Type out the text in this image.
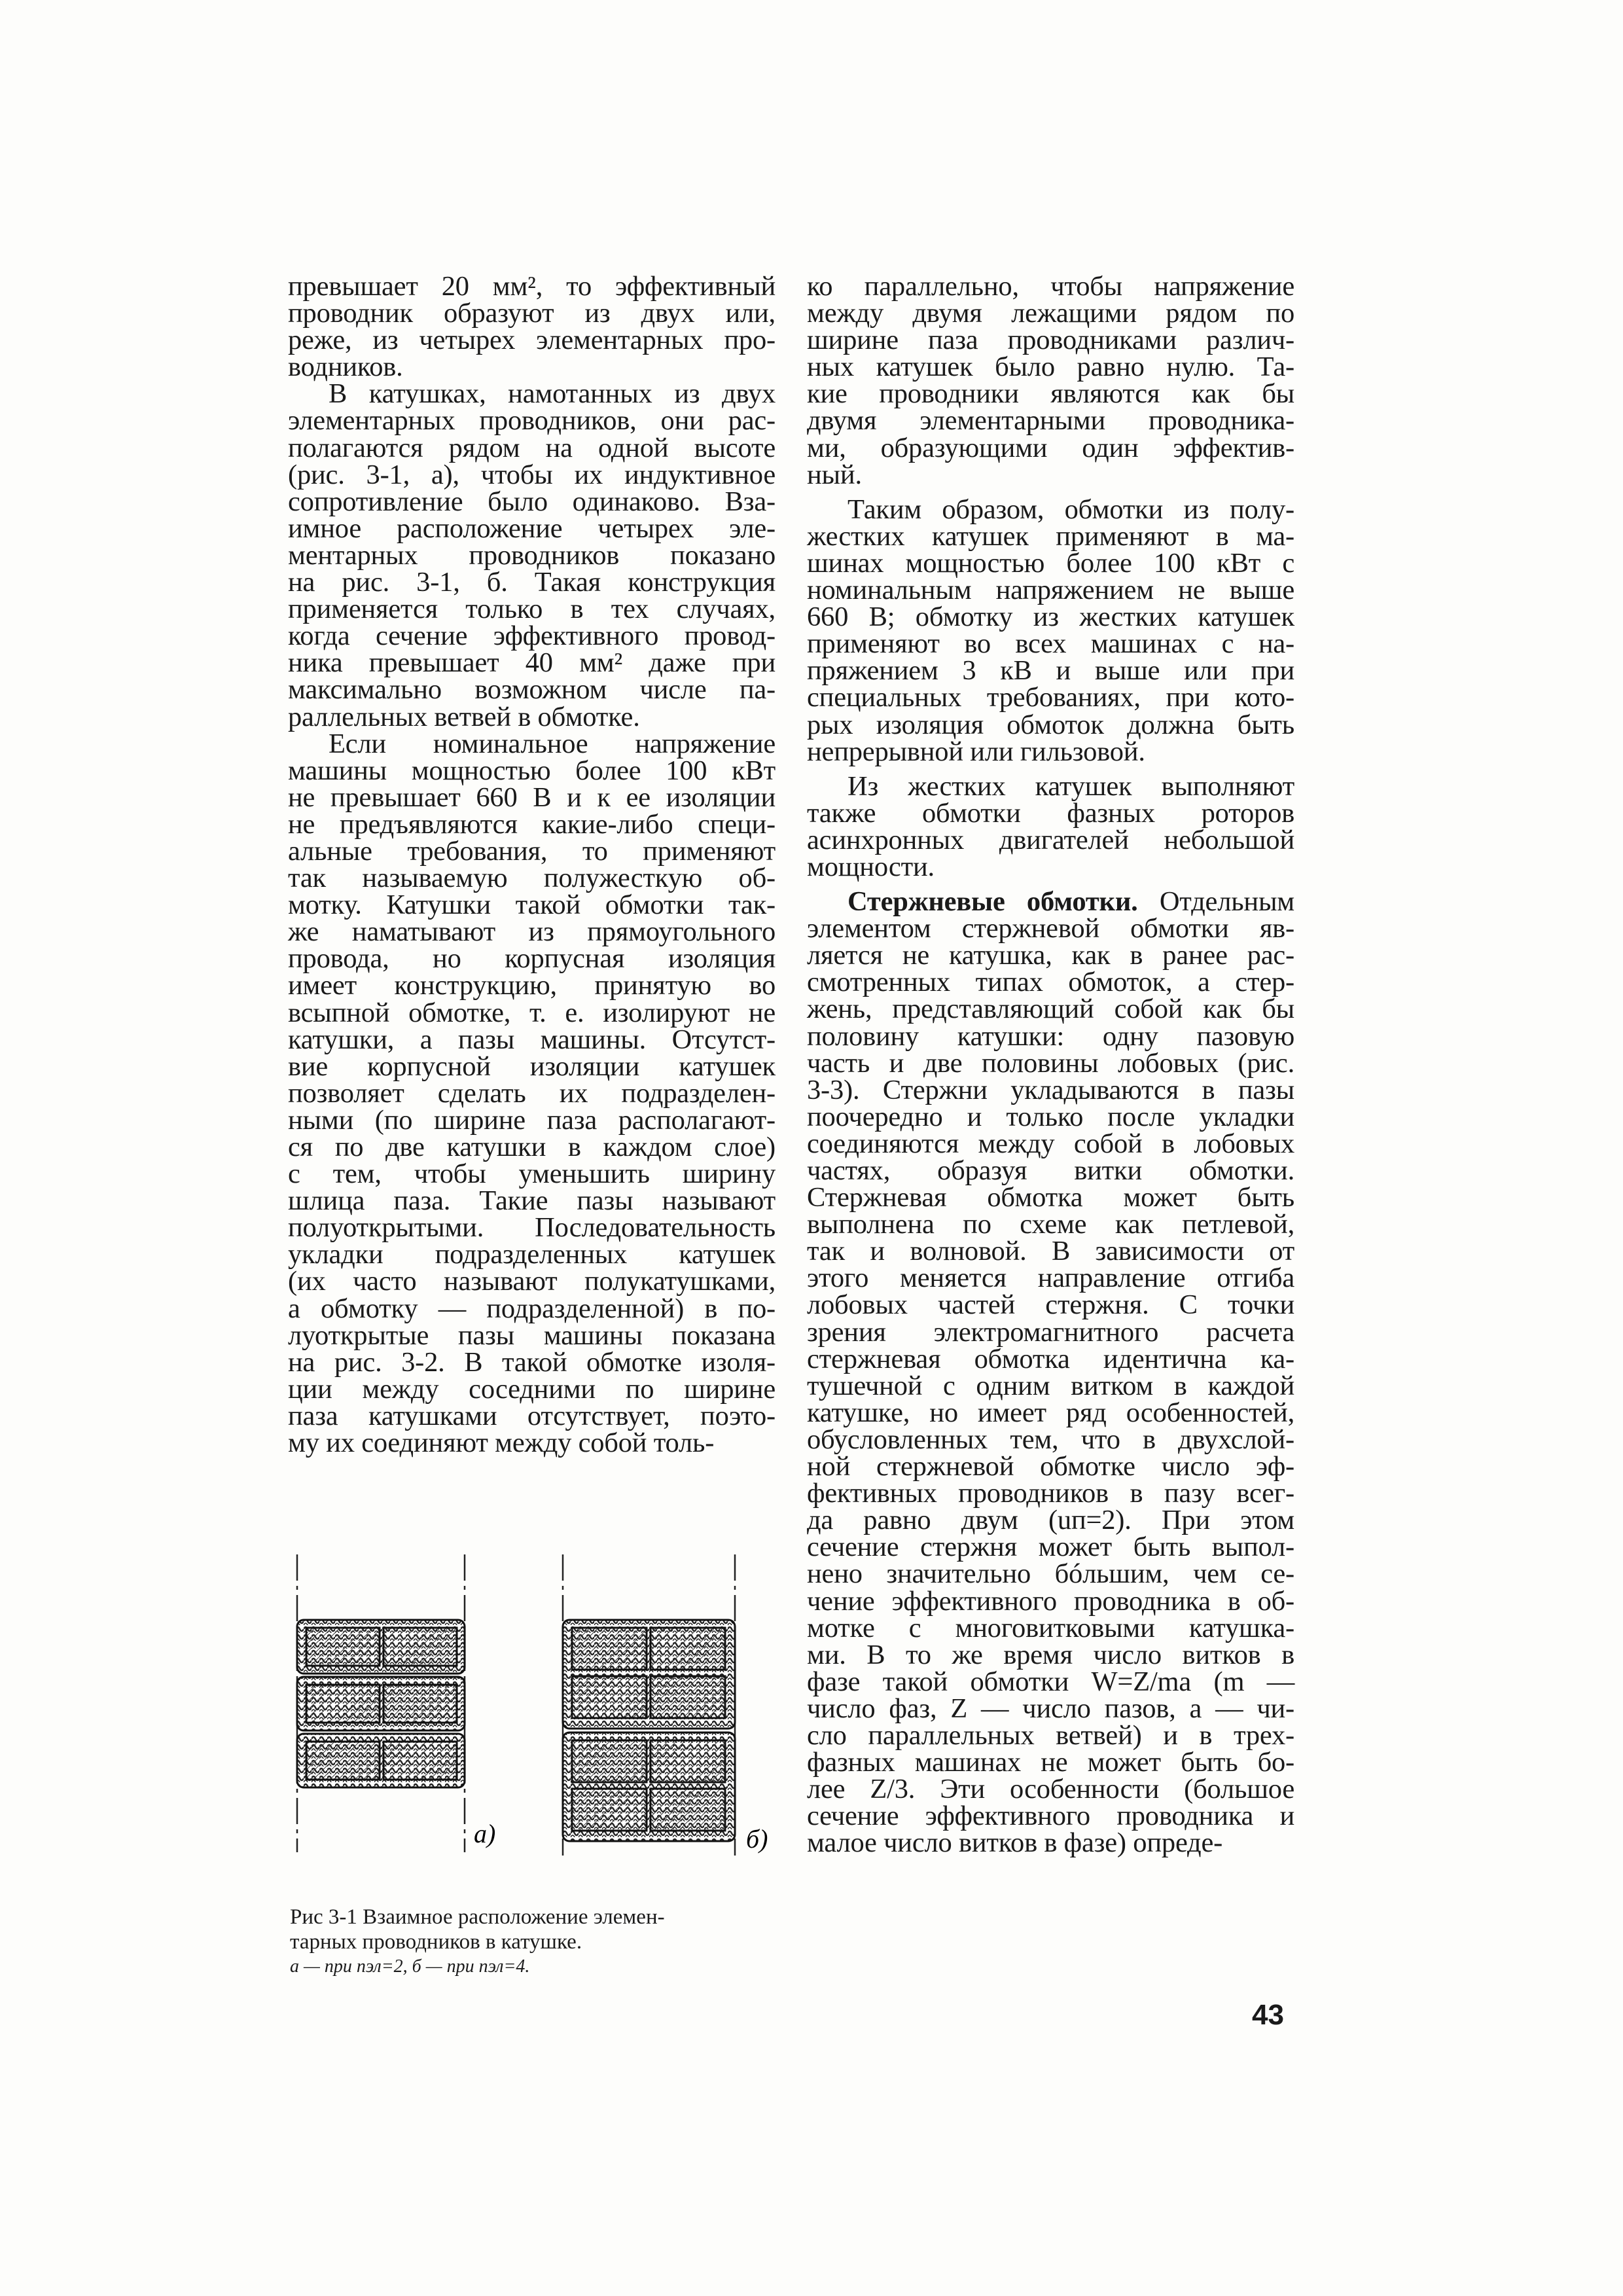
превышает 20 мм², то эффективный
проводник образуют из двух или,
реже, из четырех элементарных про-
водников.
В катушках, намотанных из двух
элементарных проводников, они рас-
полагаются рядом на одной высоте
(рис. 3-1, а), чтобы их индуктивное
сопротивление было одинаково. Вза-
имное расположение четырех эле-
ментарных проводников показано
на рис. 3-1, б. Такая конструкция
применяется только в тех случаях,
когда сечение эффективного провод-
ника превышает 40 мм² даже при
максимально возможном числе па-
раллельных ветвей в обмотке.
Если номинальное напряжение
машины мощностью более 100 кВт
не превышает 660 В и к ее изоляции
не предъявляются какие-либо специ-
альные требования, то применяют
так называемую полужесткую об-
мотку. Катушки такой обмотки так-
же наматывают из прямоугольного
провода, но корпусная изоляция
имеет конструкцию, принятую во
всыпной обмотке, т. е. изолируют не
катушки, а пазы машины. Отсутст-
вие корпусной изоляции катушек
позволяет сделать их подразделен-
ными (по ширине паза располагают-
ся по две катушки в каждом слое)
с тем, чтобы уменьшить ширину
шлица паза. Такие пазы называют
полуоткрытыми. Последовательность
укладки подразделенных катушек
(их часто называют полукатушками,
а обмотку — подразделенной) в по-
луоткрытые пазы машины показана
на рис. 3-2. В такой обмотке изоля-
ции между соседними по ширине
паза катушками отсутствует, поэто-
му их соединяют между собой толь-
ко параллельно, чтобы напряжение
между двумя лежащими рядом по
ширине паза проводниками различ-
ных катушек было равно нулю. Та-
кие проводники являются как бы
двумя элементарными проводника-
ми, образующими один эффектив-
ный.
Таким образом, обмотки из полу-
жестких катушек применяют в ма-
шинах мощностью более 100 кВт с
номинальным напряжением не выше
660 В; обмотку из жестких катушек
применяют во всех машинах с на-
пряжением 3 кВ и выше или при
специальных требованиях, при кото-
рых изоляция обмоток должна быть
непрерывной или гильзовой.
Из жестких катушек выполняют
также обмотки фазных роторов
асинхронных двигателей небольшой
мощности.
Стержневые обмотки. Отдельным
элементом стержневой обмотки яв-
ляется не катушка, как в ранее рас-
смотренных типах обмоток, а стер-
жень, представляющий собой как бы
половину катушки: одну пазовую
часть и две половины лобовых (рис.
3-3). Стержни укладываются в пазы
поочередно и только после укладки
соединяются между собой в лобовых
частях, образуя витки обмотки.
Стержневая обмотка может быть
выполнена по схеме как петлевой,
так и волновой. В зависимости от
этого меняется направление отгиба
лобовых частей стержня. С точки
зрения электромагнитного расчета
стержневая обмотка идентична ка-
тушечной с одним витком в каждой
катушке, но имеет ряд особенностей,
обусловленных тем, что в двухслой-
ной стержневой обмотке число эф-
фективных проводников в пазу всег-
да равно двум (uп=2). При этом
сечение стержня может быть выпол-
нено значительно бóльшим, чем се-
чение эффективного проводника в об-
мотке с многовитковыми катушка-
ми. В то же время число витков в
фазе такой обмотки W=Z/ma (m —
число фаз, Z — число пазов, a — чи-
сло параллельных ветвей) и в трех-
фазных машинах не может быть бо-
лее Z/3. Эти особенности (большое
сечение эффективного проводника и
малое число витков в фазе) опреде-
а)	б)
Рис 3-1 Взаимное расположение элемен-
тарных проводников в катушке.
а — при nэл=2, б — при nэл=4.
43
